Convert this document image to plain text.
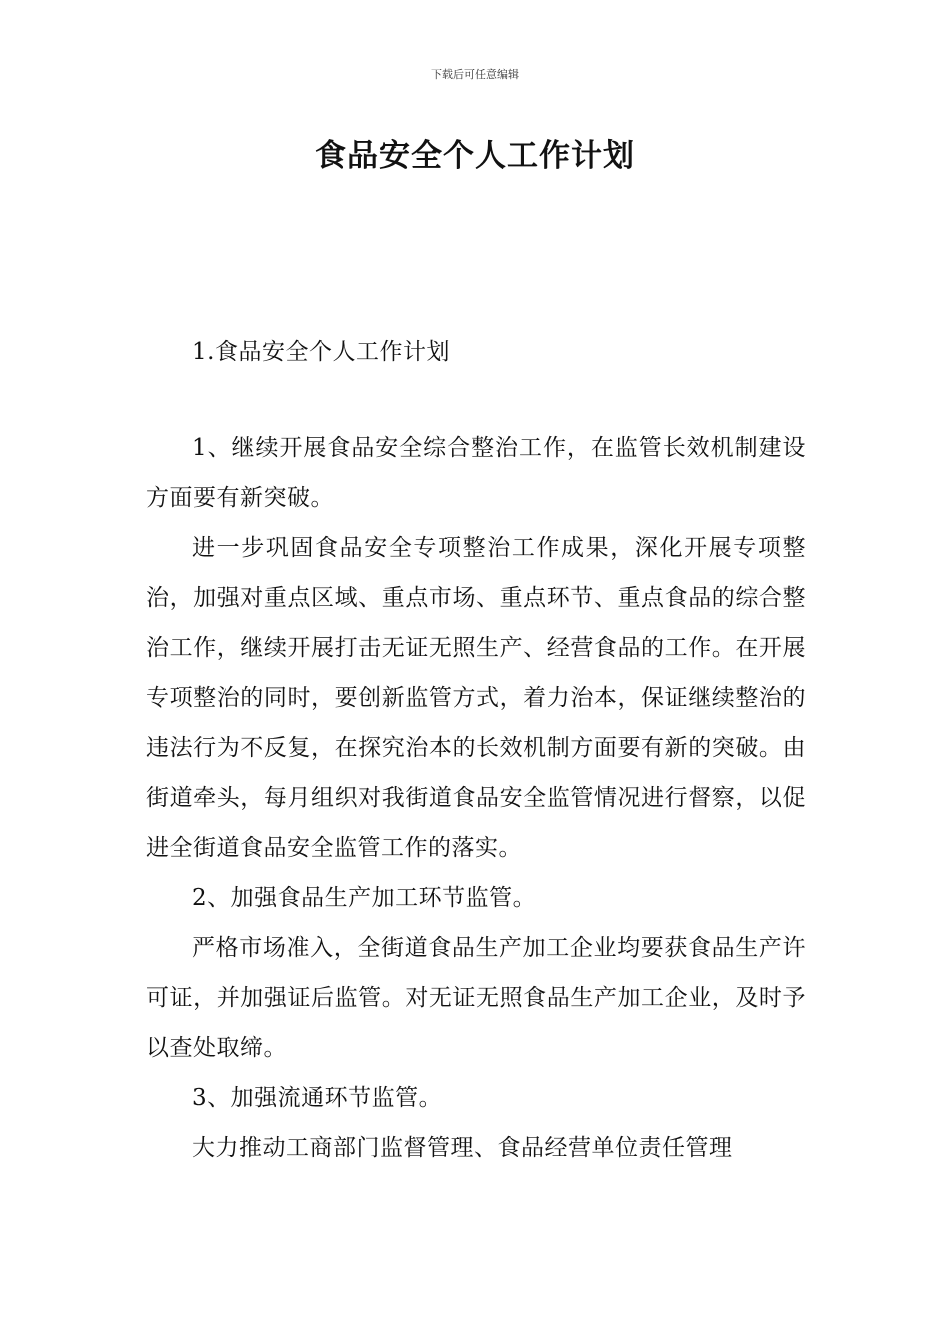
下载后可任意编辑
食品安全个人工作计划

1.食品安全个人工作计划

1、继续开展食品安全综合整治工作，在监管长效机制建设方面要有新突破。

进一步巩固食品安全专项整治工作成果，深化开展专项整治，加强对重点区域、重点市场、重点环节、重点食品的综合整治工作，继续开展打击无证无照生产、经营食品的工作。在开展专项整治的同时，要创新监管方式，着力治本，保证继续整治的违法行为不反复，在探究治本的长效机制方面要有新的突破。由街道牵头，每月组织对我街道食品安全监管情况进行督察，以促进全街道食品安全监管工作的落实。

2、加强食品生产加工环节监管。

严格市场准入，全街道食品生产加工企业均要获食品生产许可证，并加强证后监管。对无证无照食品生产加工企业，及时予以查处取缔。

3、加强流通环节监管。

大力推动工商部门监督管理、食品经营单位责任管理
